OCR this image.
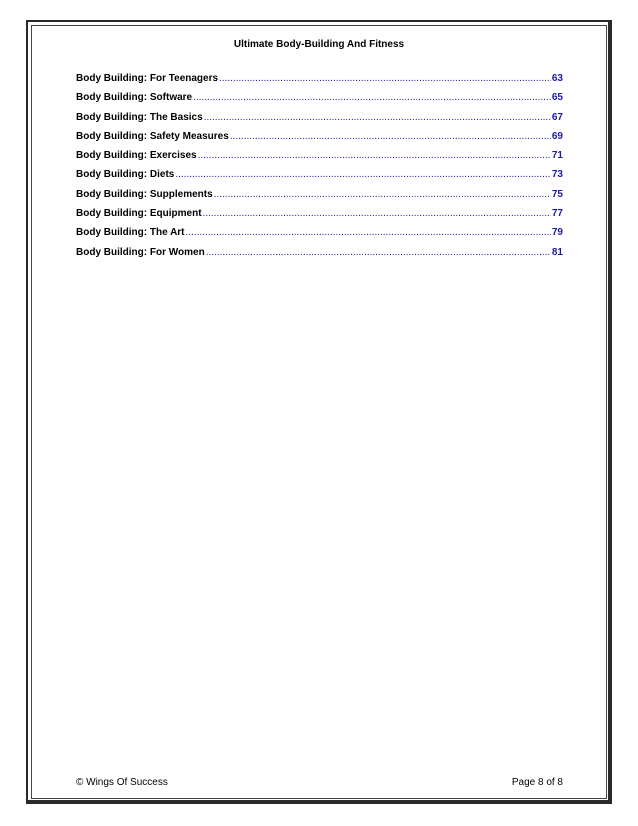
Ultimate Body-Building And Fitness
Body Building: For Teenagers .....	63
Body Building: Software .....	65
Body Building: The Basics .....	67
Body Building: Safety Measures .....	69
Body Building: Exercises .....	71
Body Building: Diets .....	73
Body Building: Supplements .....	75
Body Building: Equipment .....	77
Body Building: The Art .....	79
Body Building: For Women .....	81
© Wings Of Success	Page 8 of 8
